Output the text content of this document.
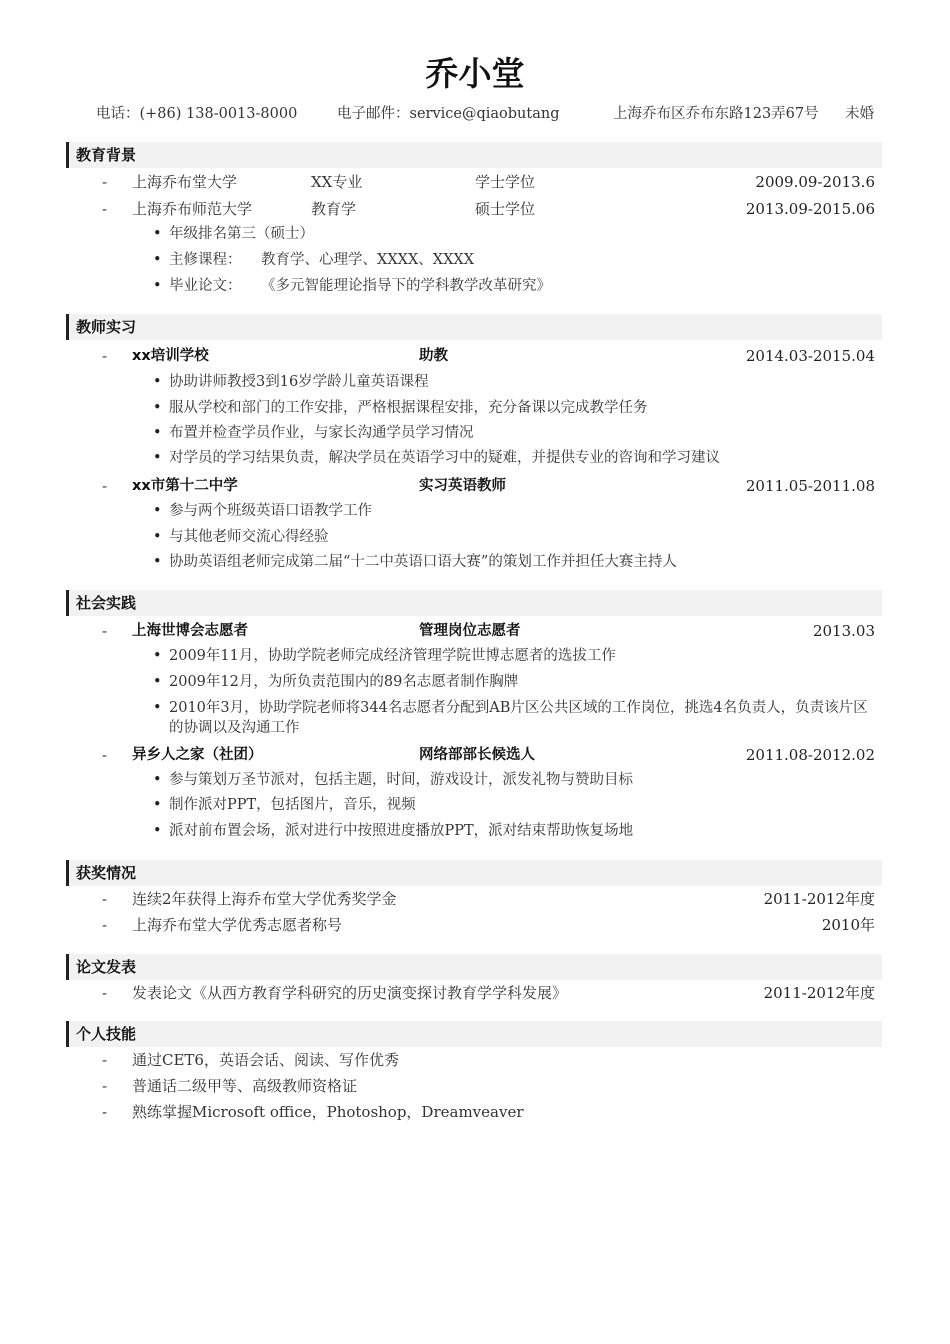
乔小堂
电话：(+86) 138-0013-8000	电子邮件：service@qiaobutang	上海乔布区乔布东路123弄67号 未婚
教育背景
- 上海乔布堂大学	XX专业	学士学位	2009.09-2013.6
- 上海乔布师范大学	教育学	硕士学位	2013.09-2015.06
• 年级排名第三（硕士）
• 主修课程： 教育学、心理学、XXXX、XXXX
• 毕业论文： 《多元智能理论指导下的学科教学改革研究》
教师实习
- xx培训学校	助教	2014.03-2015.04
• 协助讲师教授3到16岁学龄儿童英语课程
• 服从学校和部门的工作安排，严格根据课程安排，充分备课以完成教学任务
• 布置并检查学员作业，与家长沟通学员学习情况
• 对学员的学习结果负责，解决学员在英语学习中的疑难，并提供专业的咨询和学习建议
- xx市第十二中学	实习英语教师	2011.05-2011.08
• 参与两个班级英语口语教学工作
• 与其他老师交流心得经验
• 协助英语组老师完成第二届“十二中英语口语大赛”的策划工作并担任大赛主持人
社会实践
- 上海世博会志愿者	管理岗位志愿者	2013.03
• 2009年11月，协助学院老师完成经济管理学院世博志愿者的选拔工作
• 2009年12月，为所负责范围内的89名志愿者制作胸牌
• 2010年3月，协助学院老师将344名志愿者分配到AB片区公共区域的工作岗位，挑选4名负责人，负责该片区的协调以及沟通工作
- 异乡人之家（社团）	网络部部长候选人	2011.08-2012.02
• 参与策划万圣节派对，包括主题，时间，游戏设计，派发礼物与赞助目标
• 制作派对PPT，包括图片，音乐，视频
• 派对前布置会场，派对进行中按照进度播放PPT，派对结束帮助恢复场地
获奖情况
- 连续2年获得上海乔布堂大学优秀奖学金	2011-2012年度
- 上海乔布堂大学优秀志愿者称号	2010年
论文发表
- 发表论文《从西方教育学科研究的历史演变探讨教育学学科发展》	2011-2012年度
个人技能
- 通过CET6，英语会话、阅读、写作优秀
- 普通话二级甲等、高级教师资格证
- 熟练掌握Microsoft office，Photoshop，Dreamveaver
